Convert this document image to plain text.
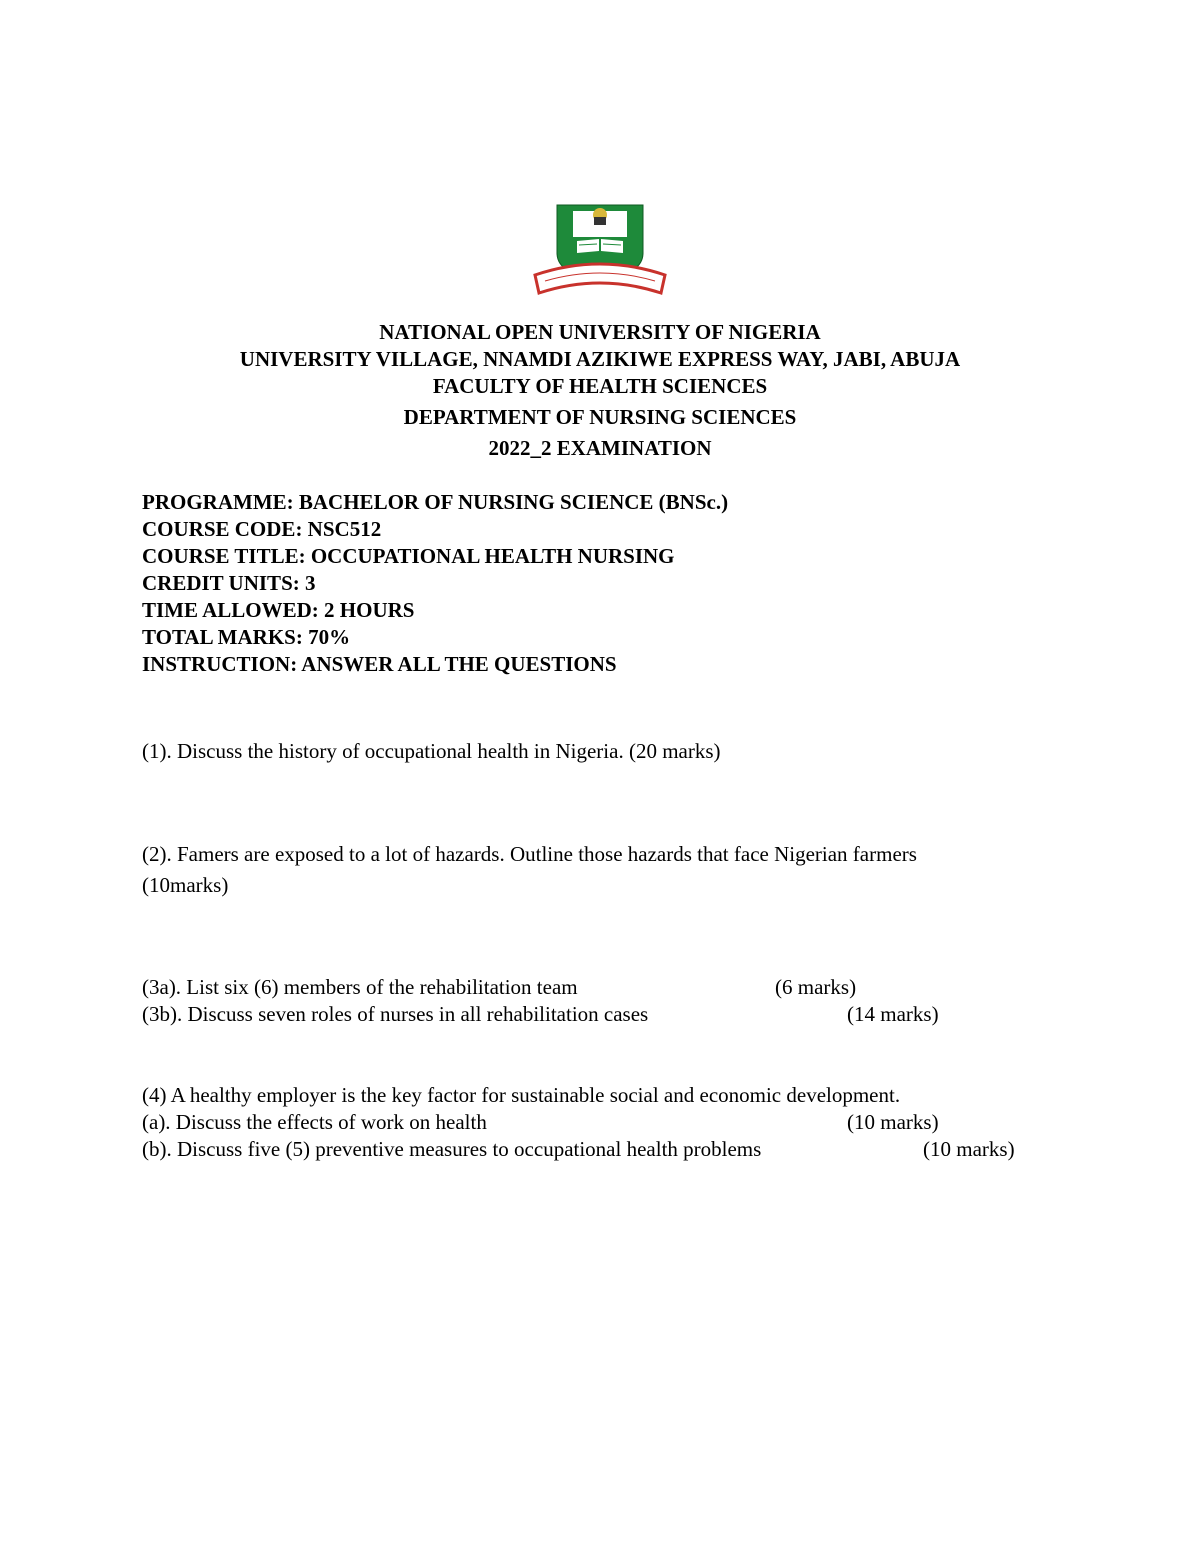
NATIONAL OPEN UNIVERSITY OF NIGERIA
UNIVERSITY VILLAGE, NNAMDI AZIKIWE EXPRESS WAY, JABI, ABUJA
FACULTY OF HEALTH SCIENCES
DEPARTMENT OF NURSING SCIENCES
2022_2 EXAMINATION
PROGRAMME: BACHELOR OF NURSING SCIENCE (BNSc.)
COURSE CODE: NSC512
COURSE TITLE: OCCUPATIONAL HEALTH NURSING
CREDIT UNITS: 3
TIME ALLOWED: 2 HOURS
TOTAL MARKS: 70%
INSTRUCTION: ANSWER ALL THE QUESTIONS
(1). Discuss the history of occupational health in Nigeria. (20 marks)
(2). Famers are exposed to a lot of hazards. Outline those hazards that face Nigerian farmers
(10marks)
(3a). List six (6) members of the rehabilitation team	(6 marks)
(3b). Discuss seven roles of nurses in all rehabilitation cases	(14 marks)
(4) A healthy employer is the key factor for sustainable social and economic development.
(a). Discuss the effects of work on health	(10 marks)
(b). Discuss five (5) preventive measures to occupational health problems	(10 marks)
